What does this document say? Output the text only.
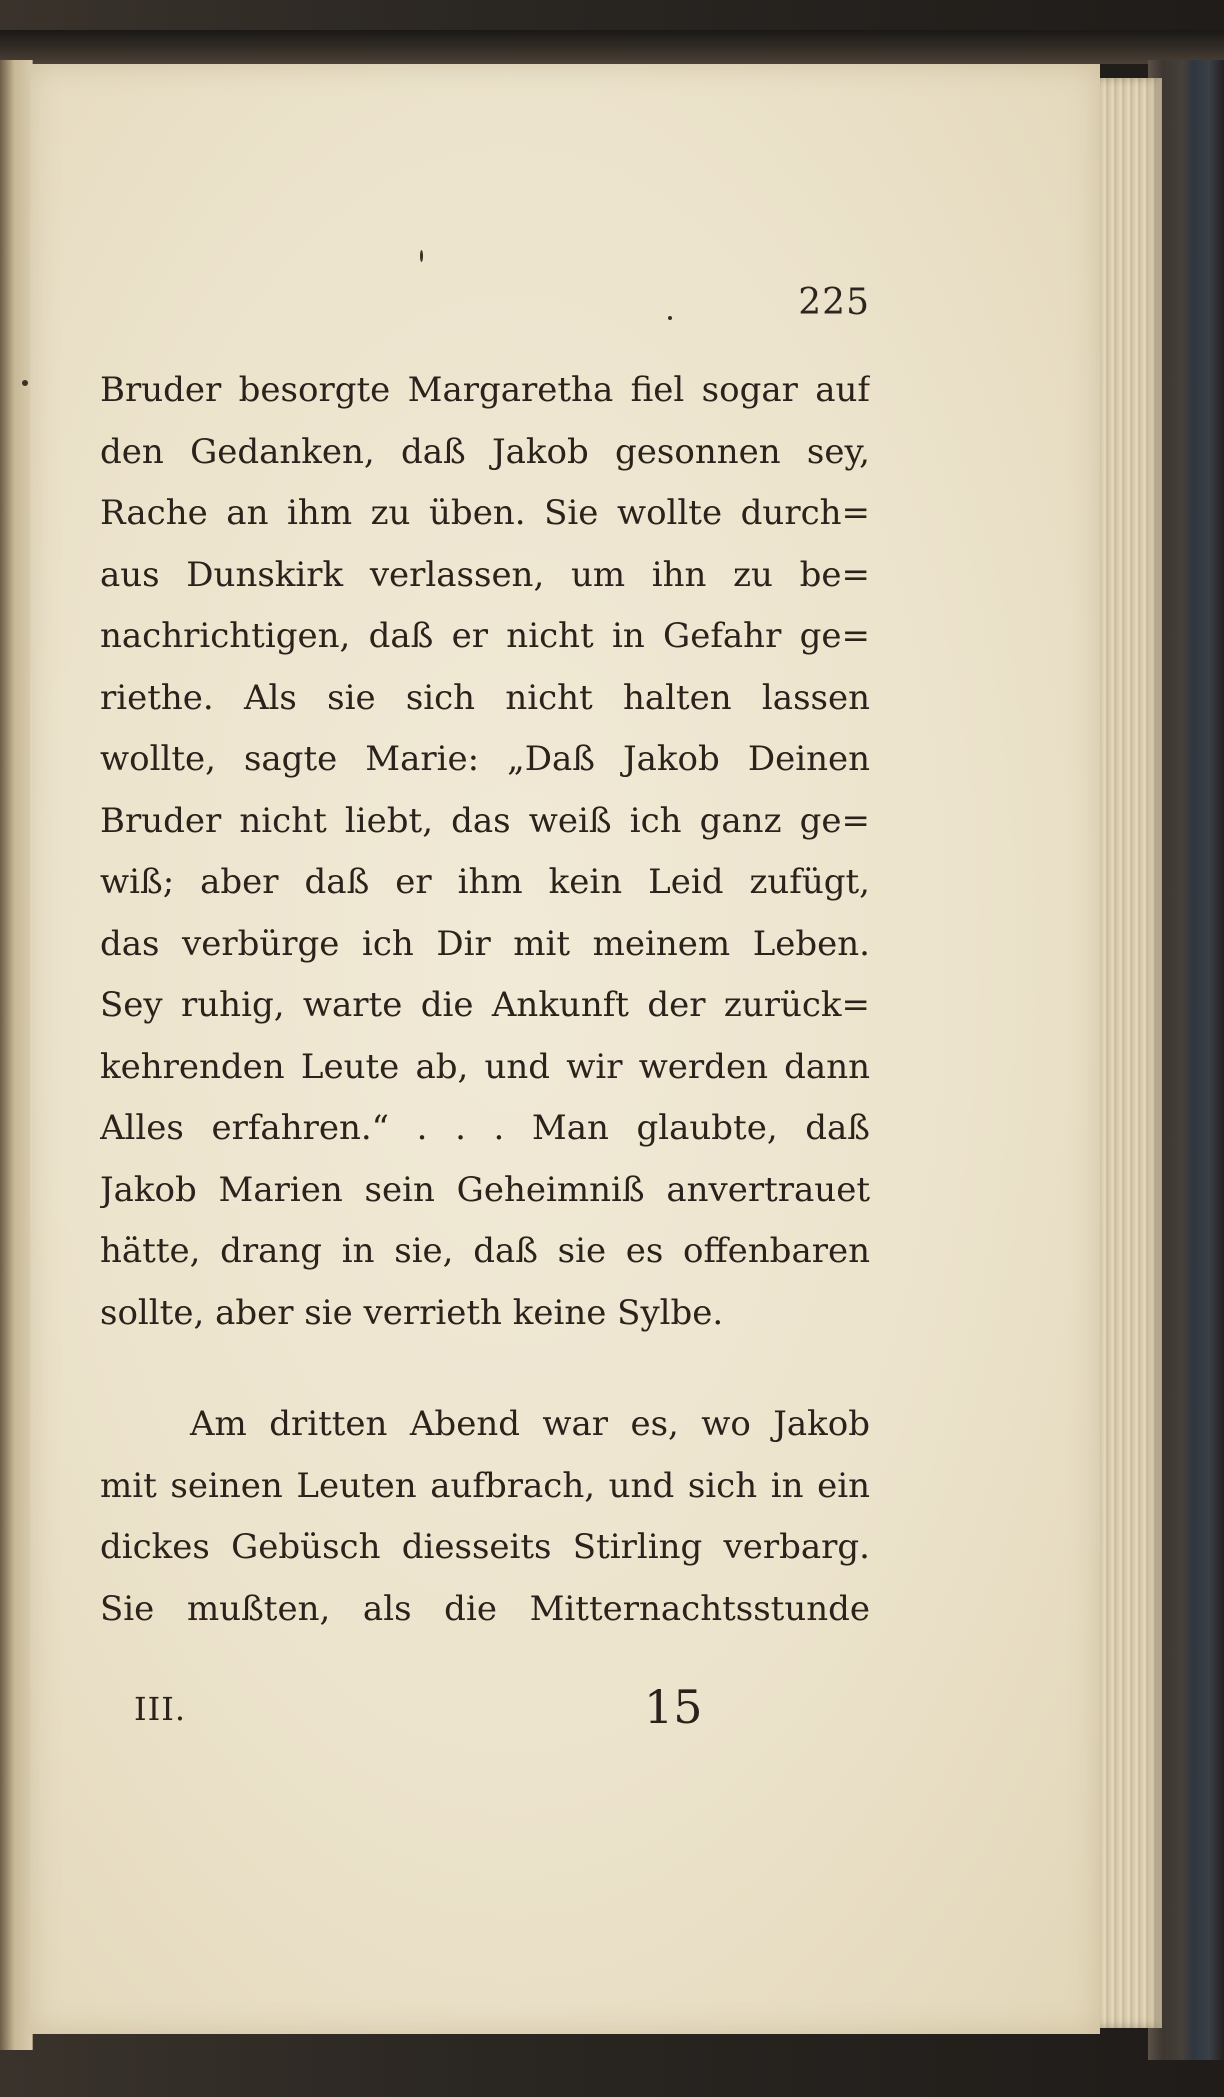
225
Bruder besorgte Margaretha fiel sogar auf
den Gedanken, daß Jakob gesonnen sey,
Rache an ihm zu üben. Sie wollte durch=
aus Dunskirk verlassen, um ihn zu be=
nachrichtigen, daß er nicht in Gefahr ge=
riethe. Als sie sich nicht halten lassen
wollte, sagte Marie: „Daß Jakob Deinen
Bruder nicht liebt, das weiß ich ganz ge=
wiß; aber daß er ihm kein Leid zufügt,
das verbürge ich Dir mit meinem Leben.
Sey ruhig, warte die Ankunft der zurück=
kehrenden Leute ab, und wir werden dann
Alles erfahren.“ . . . Man glaubte, daß
Jakob Marien sein Geheimniß anvertrauet
hätte, drang in sie, daß sie es offenbaren
sollte, aber sie verrieth keine Sylbe.
Am dritten Abend war es, wo Jakob
mit seinen Leuten aufbrach, und sich in ein
dickes Gebüsch diesseits Stirling verbarg.
Sie mußten, als die Mitternachtsstunde
III.	15
